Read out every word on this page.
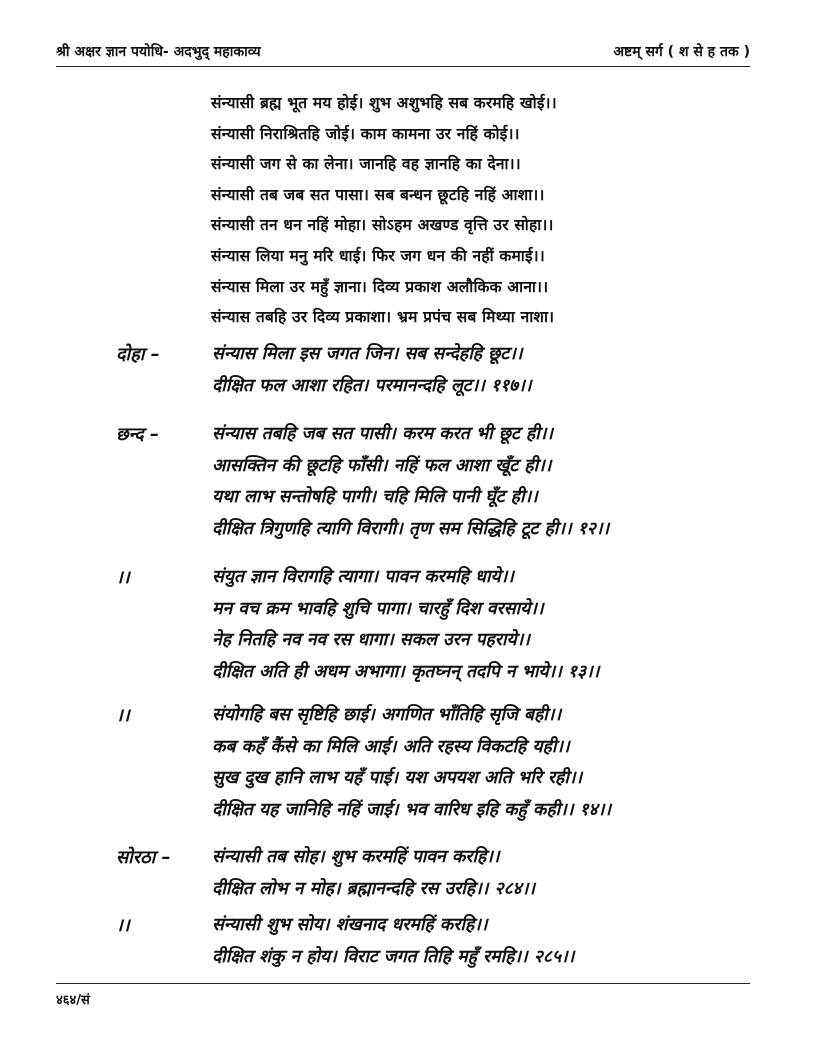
श्री अक्षर ज्ञान पयोधि- अदभुद् महाकाव्य	अष्टम् सर्ग ( श से ह तक )
संन्यासी ब्रह्म भूत मय होई। शुभ अशुभहि सब करमहि खोई।।
संन्यासी निराश्रितहि जोई। काम कामना उर नहिं कोई।।
संन्यासी जग से का लेना। जानहि वह ज्ञानहि का देना।।
संन्यासी तब जब सत पासा। सब बन्धन छूटहि नहिं आशा।।
संन्यासी तन धन नहिं मोहा। सोऽहम अखण्ड वृत्ति उर सोहा।।
संन्यास लिया मनु मरि धाई। फिर जग धन की नहीं कमाई।।
संन्यास मिला उर महुँ ज्ञाना। दिव्य प्रकाश अलौकिक आना।।
संन्यास तबहि उर दिव्य प्रकाशा। भ्रम प्रपंच सब मिथ्या नाशा।
दोहा –	संन्यास मिला इस जगत जिन। सब सन्देहहि छूट।।
दीक्षित फल आशा रहित। परमानन्दहि लूट।। ११७।।
छन्द –	संन्यास तबहि जब सत पासी। करम करत भी छूट ही।।
आसक्तिन की छूटहि फाँसी। नहिं फल आशा खूँट ही।।
यथा लाभ सन्तोषहि पागी। चहि मिलि पानी घूँट ही।।
दीक्षित त्रिगुणहि त्यागि विरागी। तृण सम सिद्धिहि टूट ही।। १२।।
।।	संयुत ज्ञान विरागहि त्यागा। पावन करमहि धाये।।
मन वच क्रम भावहि शुचि पागा। चारहुँ दिश वरसाये।।
नेह नितहि नव नव रस धागा। सकल उरन पहराये।।
दीक्षित अति ही अधम अभागा। कृतघ्नन् तदपि न भाये।। १३।।
।।	संयोगहि बस सृष्टिहि छाई। अगणित भाँतिहि सृजि बही।।
कब कहँ कैंसे का मिलि आई। अति रहस्य विकटहि यही।।
सुख दुख हानि लाभ यहँ पाई। यश अपयश अति भरि रही।।
दीक्षित यह जानिहि नहिं जाई। भव वारिध इहि कहुँ कही।। १४।।
सोरठा – संन्यासी तब सोह। शुभ करमहिं पावन करहि।।
दीक्षित लोभ न मोह। ब्रह्मानन्दहि रस उरहि।। २८४।।
।।	संन्यासी शुभ सोय। शंखनाद धरमहिं करहि।।
दीक्षित शंकु न होय। विराट जगत तिहि महुँ रमहि।। २८५।।
४६४/सं
